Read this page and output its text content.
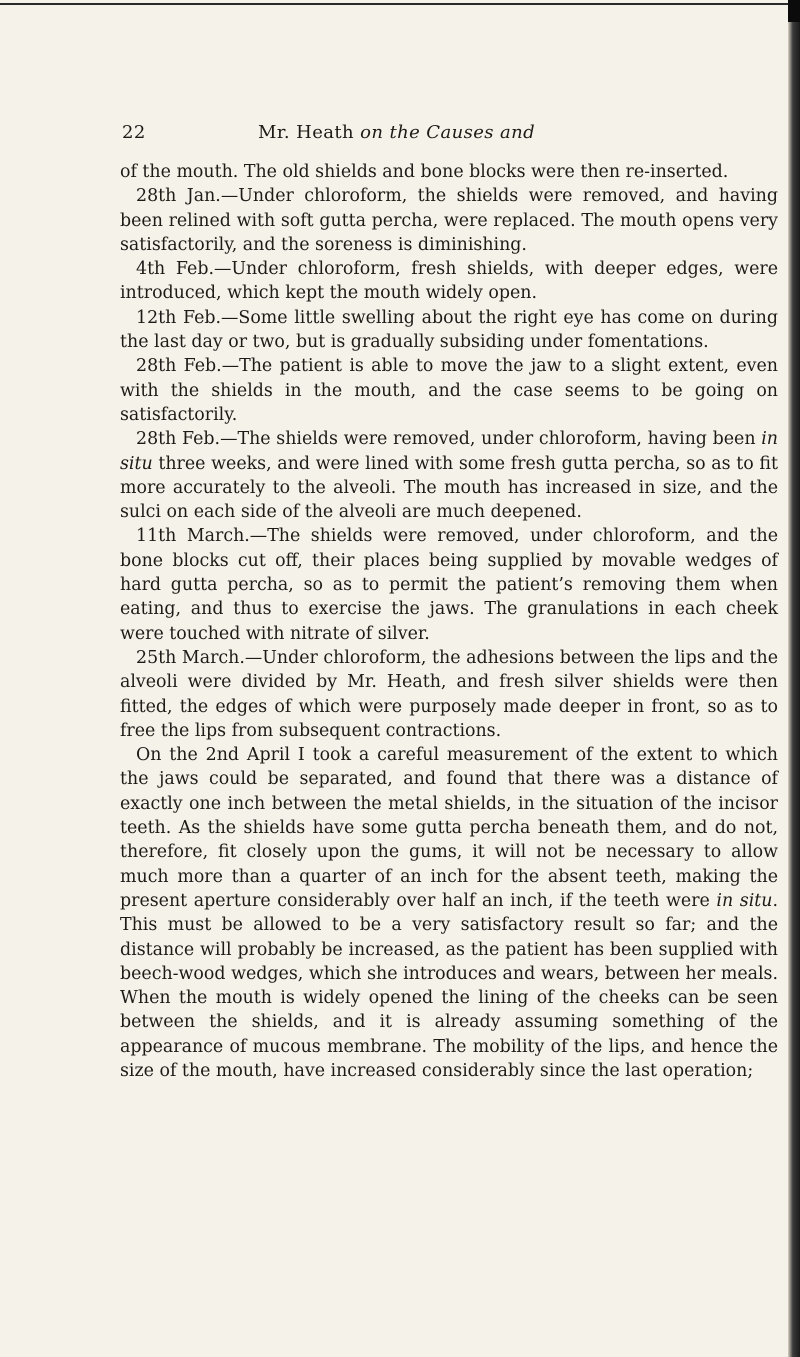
22	Mr. Heath on the Causes and

of the mouth. The old shields and bone blocks were then re-inserted.

28th Jan.—Under chloroform, the shields were removed, and having been relined with soft gutta percha, were replaced. The mouth opens very satisfactorily, and the soreness is diminishing.

4th Feb.—Under chloroform, fresh shields, with deeper edges, were introduced, which kept the mouth widely open.

12th Feb.—Some little swelling about the right eye has come on during the last day or two, but is gradually subsiding under fomentations.

28th Feb.—The patient is able to move the jaw to a slight extent, even with the shields in the mouth, and the case seems to be going on satisfactorily.

28th Feb.—The shields were removed, under chloroform, having been in situ three weeks, and were lined with some fresh gutta percha, so as to fit more accurately to the alveoli. The mouth has increased in size, and the sulci on each side of the alveoli are much deepened.

11th March.—The shields were removed, under chloroform, and the bone blocks cut off, their places being supplied by movable wedges of hard gutta percha, so as to permit the patient’s removing them when eating, and thus to exercise the jaws. The granulations in each cheek were touched with nitrate of silver.

25th March.—Under chloroform, the adhesions between the lips and the alveoli were divided by Mr. Heath, and fresh silver shields were then fitted, the edges of which were purposely made deeper in front, so as to free the lips from subsequent contractions.

On the 2nd April I took a careful measurement of the extent to which the jaws could be separated, and found that there was a distance of exactly one inch between the metal shields, in the situation of the incisor teeth. As the shields have some gutta percha beneath them, and do not, therefore, fit closely upon the gums, it will not be necessary to allow much more than a quarter of an inch for the absent teeth, making the present aperture considerably over half an inch, if the teeth were in situ. This must be allowed to be a very satisfactory result so far; and the distance will probably be increased, as the patient has been supplied with beech-wood wedges, which she introduces and wears, between her meals. When the mouth is widely opened the lining of the cheeks can be seen between the shields, and it is already assuming something of the appearance of mucous membrane. The mobility of the lips, and hence the size of the mouth, have increased considerably since the last operation;
